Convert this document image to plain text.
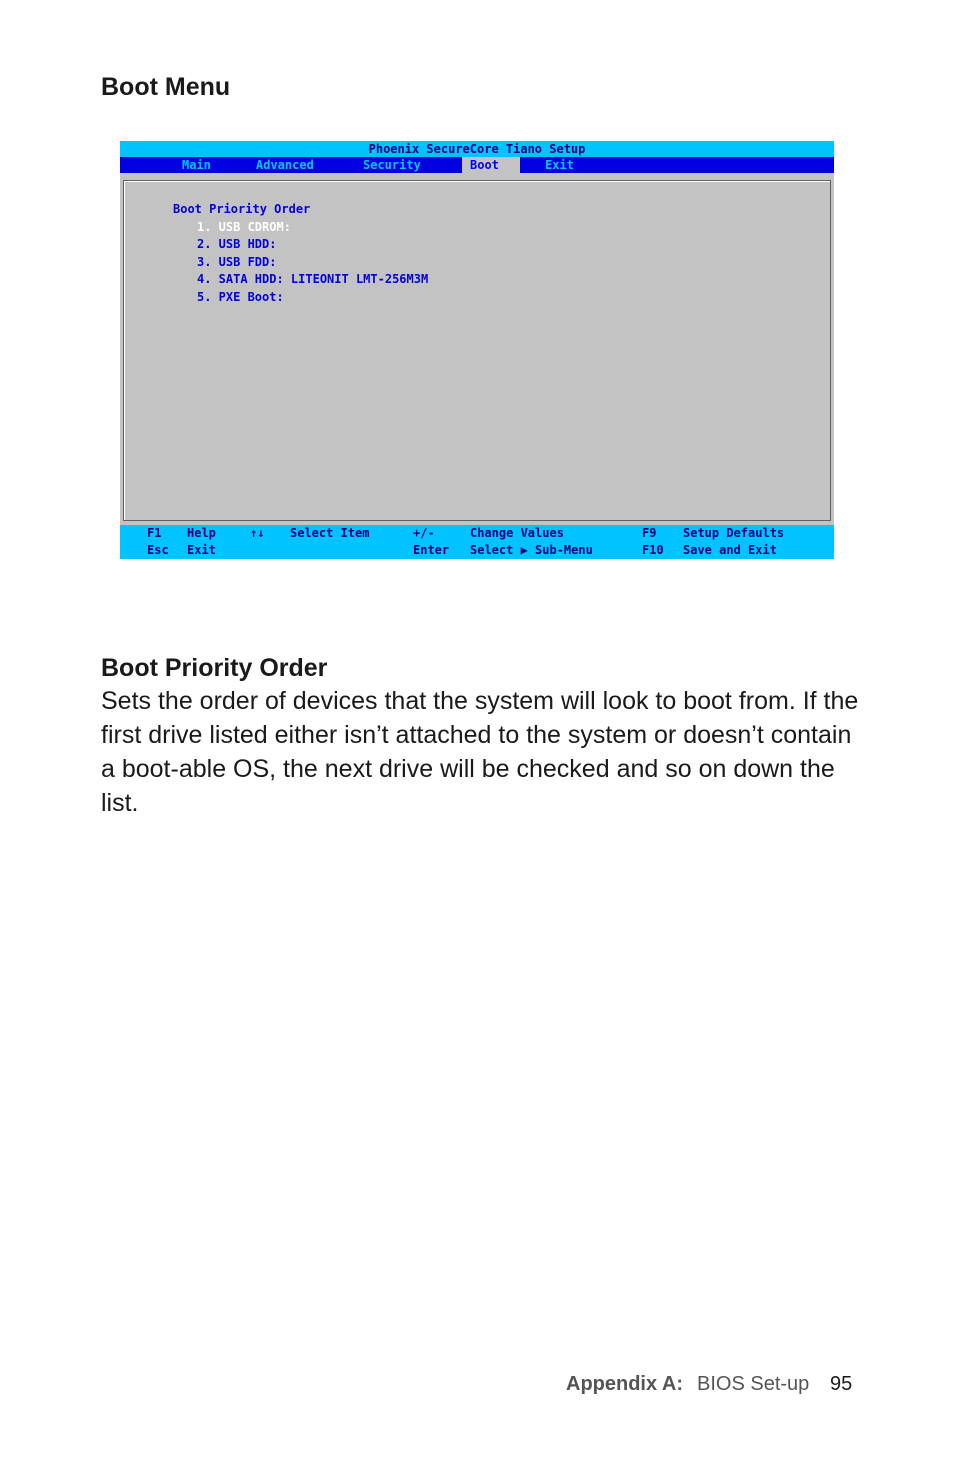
Boot Menu
Phoenix SecureCore Tiano Setup
Main	Advanced	Security	Boot	Exit
Boot Priority Order
1. USB CDROM:
2. USB HDD:
3. USB FDD:
4. SATA HDD: LITEONIT LMT-256M3M
5. PXE Boot:
F1 Help	↑↓ Select Item	+/-	Change Values	F9 Setup Defaults
Esc Exit	Enter Select ▶ Sub-Menu	F10 Save and Exit
Boot Priority Order
Sets the order of devices that the system will look to boot from. If the first drive listed either isn’t attached to the system or doesn’t contain a boot-able OS, the next drive will be checked and so on down the list.
Appendix A: BIOS Set-up 95
